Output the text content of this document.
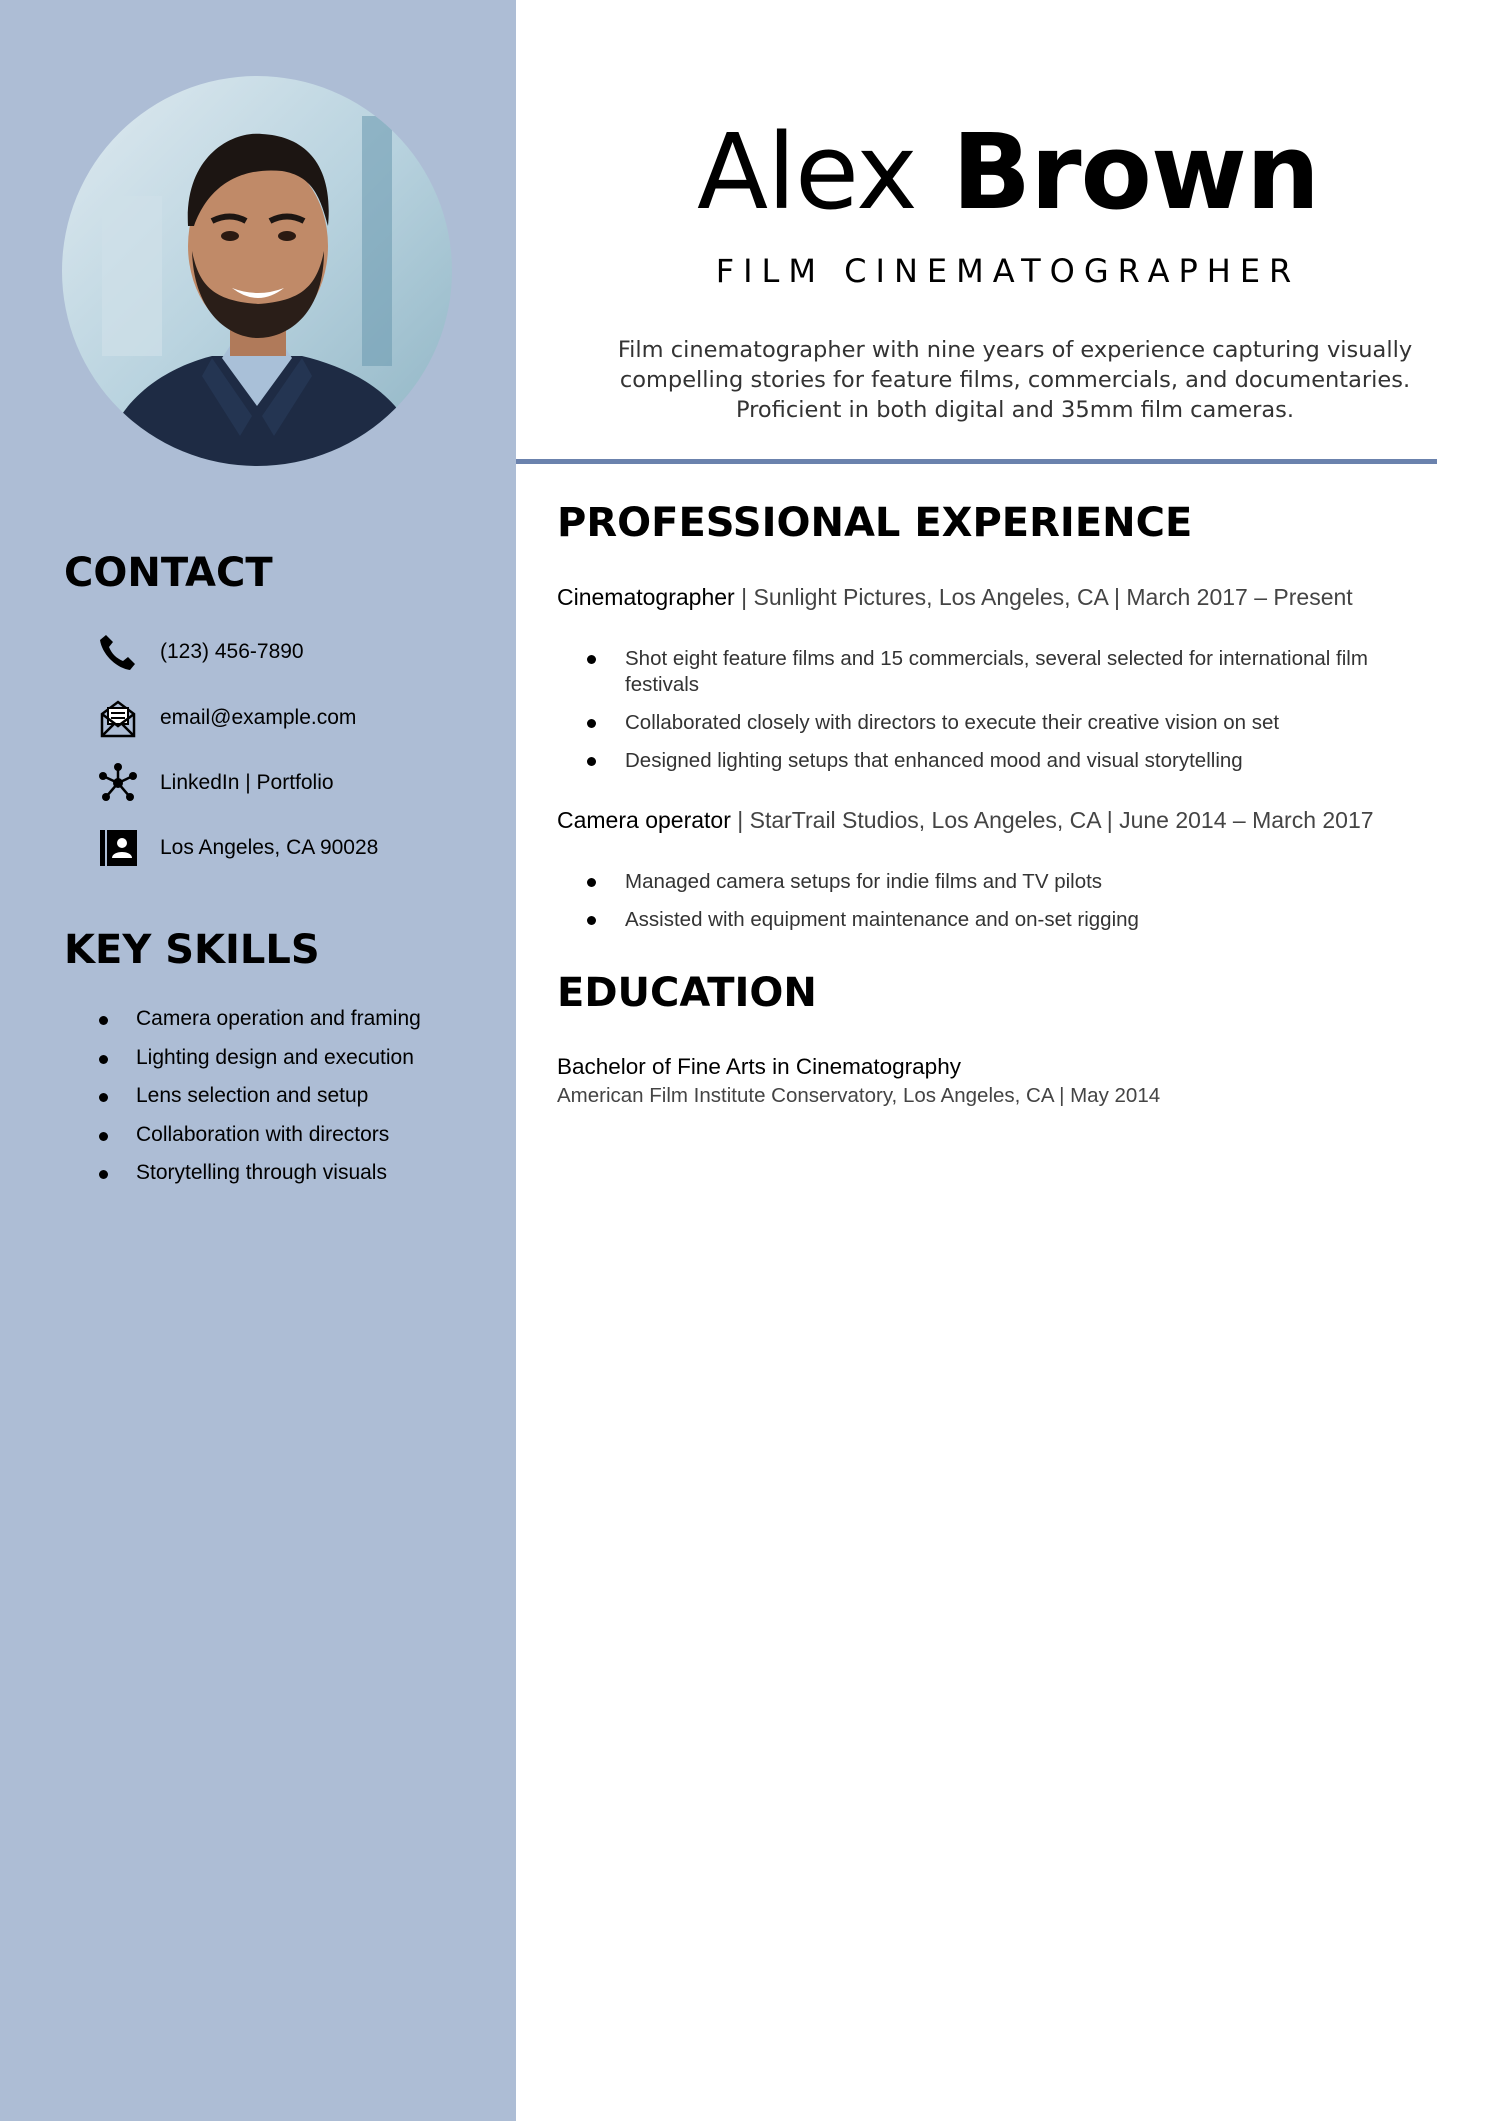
CONTACT
(123) 456-7890
email@example.com
LinkedIn | Portfolio
Los Angeles, CA 90028
KEY SKILLS
Camera operation and framing
Lighting design and execution
Lens selection and setup
Collaboration with directors
Storytelling through visuals
Alex Brown

FILM CINEMATOGRAPHER

Film cinematographer with nine years of experience capturing visually compelling stories for feature films, commercials, and documentaries. Proficient in both digital and 35mm film cameras.

PROFESSIONAL EXPERIENCE

Cinematographer | Sunlight Pictures, Los Angeles, CA | March 2017 – Present

Shot eight feature films and 15 commercials, several selected for international film festivals
Collaborated closely with directors to execute their creative vision on set
Designed lighting setups that enhanced mood and visual storytelling

Camera operator | StarTrail Studios, Los Angeles, CA | June 2014 – March 2017

Managed camera setups for indie films and TV pilots
Assisted with equipment maintenance and on-set rigging
EDUCATION

Bachelor of Fine Arts in Cinematography

American Film Institute Conservatory, Los Angeles, CA | May 2014
